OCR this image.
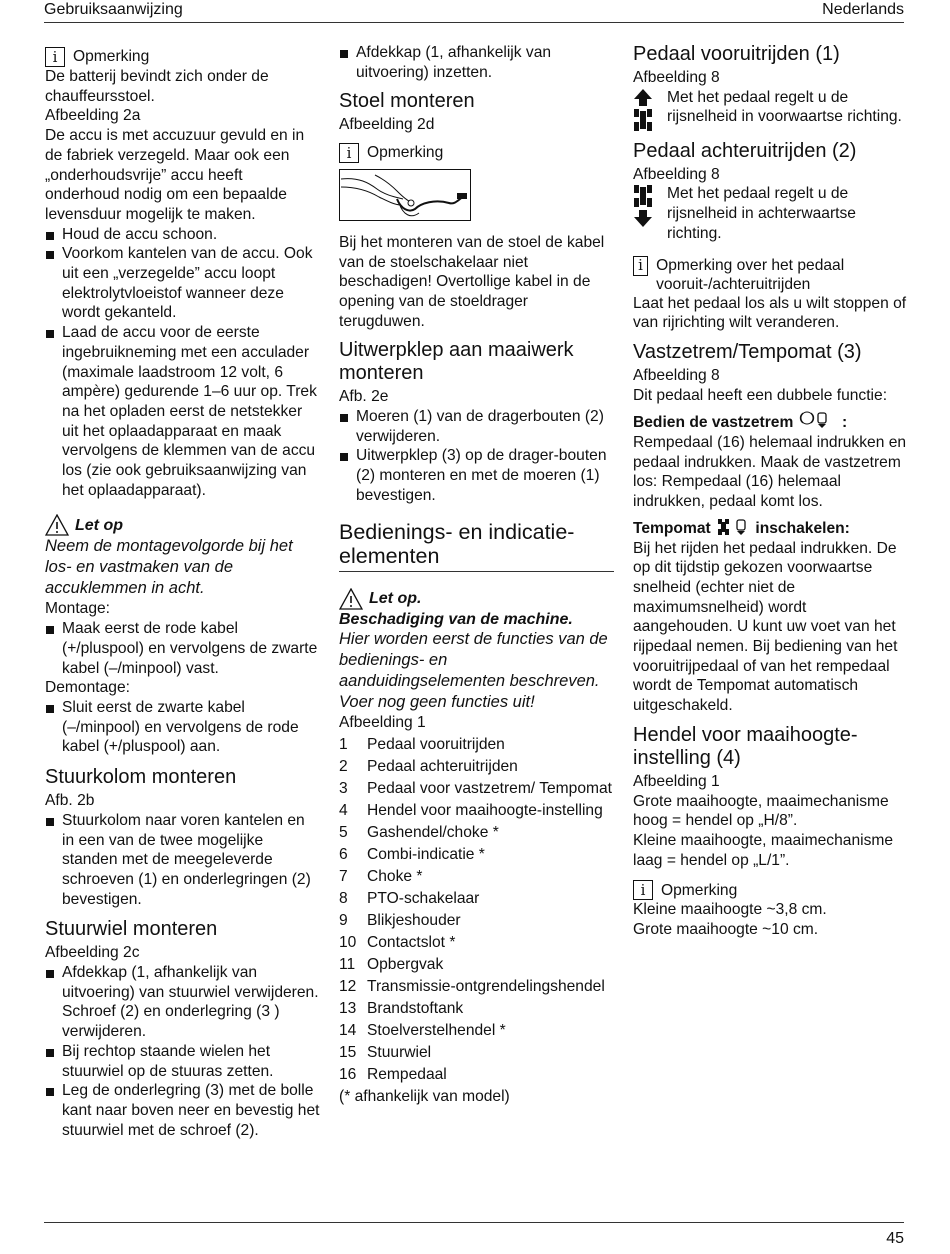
Gebruiksaanwijzing	Nederlands
i Opmerking

De batterij bevindt zich onder de chauffeursstoel.

Afbeelding 2a

De accu is met accuzuur gevuld en in de fabriek verzegeld. Maar ook een „onderhoudsvrije” accu heeft onderhoud nodig om een bepaalde levensduur mogelijk te maken.

Houd de accu schoon.
Voorkom kantelen van de accu. Ook uit een „verzegelde” accu loopt elektrolytvloeistof wanneer deze wordt gekanteld.
Laad de accu voor de eerste ingebruikneming met een acculader (maximale laadstroom 12 volt, 6 ampère) gedurende 1–6 uur op. Trek na het opladen eerst de netstekker uit het oplaadapparaat en maak vervolgens de klemmen van de accu los (zie ook gebruiksaanwijzing van het oplaadapparaat).
Let op

Neem de montagevolgorde bij het los- en vastmaken van de accuklemmen in acht.

Montage:

Maak eerst de rode kabel (+/pluspool) en vervolgens de zwarte kabel (–/minpool) vast.

Demontage:

Sluit eerst de zwarte kabel (–/minpool) en vervolgens de rode kabel (+/pluspool) aan.
Stuurkolom monteren

Afb. 2b

Stuurkolom naar voren kantelen en in een van de twee mogelijke standen met de meegeleverde schroeven (1) en onderlegringen (2) bevestigen.
Stuurwiel monteren

Afbeelding 2c

Afdekkap (1, afhankelijk van uitvoering) van stuurwiel verwijderen. Schroef (2) en onderlegring (3 ) verwijderen.
Bij rechtop staande wielen het stuurwiel op de stuuras zetten.
Leg de onderlegring (3) met de bolle kant naar boven neer en bevestig het stuurwiel met de schroef (2).
Afdekkap (1, afhankelijk van uitvoering) inzetten.
Stoel monteren

Afbeelding 2d

i Opmerking

Bij het monteren van de stoel de kabel van de stoelschakelaar niet beschadigen! Overtollige kabel in de opening van de stoeldrager terugduwen.

Uitwerpklep aan maaiwerk monteren

Afb. 2e

Moeren (1) van de dragerbouten (2) verwijderen.
Uitwerpklep (3) op de drager-bouten (2) monteren en met de moeren (1) bevestigen.
Bedienings- en indicatie-elementen
Let op.

Beschadiging van de machine.

Hier worden eerst de functies van de bedienings- en aanduidingselementen beschreven. Voer nog geen functies uit!

Afbeelding 1

1	Pedaal vooruitrijden
2	Pedaal achteruitrijden
3	Pedaal voor vastzetrem/ Tempomat
4	Hendel voor maaihoogte-instelling
5	Gashendel/choke *
6	Combi-indicatie *
7	Choke *
8	PTO-schakelaar
9	Blikjeshouder
10 Contactslot *
11 Opbergvak
12 Transmissie-ontgrendelingshendel
13 Brandstoftank
14 Stoelverstelhendel *
15 Stuurwiel
16 Rempedaal

(* afhankelijk van model)

Pedaal vooruitrijden (1)

Afbeelding 8

Met het pedaal regelt u de rijsnelheid in voorwaartse richting.

Pedaal achteruitrijden (2)

Afbeelding 8

Met het pedaal regelt u de rijsnelheid in achterwaartse richting.

i Opmerking over het pedaal vooruit-/achteruitrijden

Laat het pedaal los als u wilt stoppen of van rijrichting wilt veranderen.

Vastzetrem/Tempomat (3)

Afbeelding 8

Dit pedaal heeft een dubbele functie:

Bedien de vastzetrem	:

Rempedaal (16) helemaal indrukken en pedaal indrukken. Maak de vastzetrem los: Rempedaal (16) helemaal indrukken, pedaal komt los.

Tempomat	inschakelen:

Bij het rijden het pedaal indrukken. De op dit tijdstip gekozen voorwaartse snelheid (echter niet de maximumsnelheid) wordt aangehouden. U kunt uw voet van het rijpedaal nemen. Bij bediening van het vooruitrijpedaal of van het rempedaal wordt de Tempomat automatisch uitgeschakeld.

Hendel voor maaihoogte-instelling (4)

Afbeelding 1

Grote maaihoogte, maaimechanisme hoog = hendel op „H/8”.

Kleine maaihoogte, maaimechanisme laag = hendel op „L/1”.

i Opmerking

Kleine maaihoogte ~3,8 cm.

Grote maaihoogte ~10 cm.

45
